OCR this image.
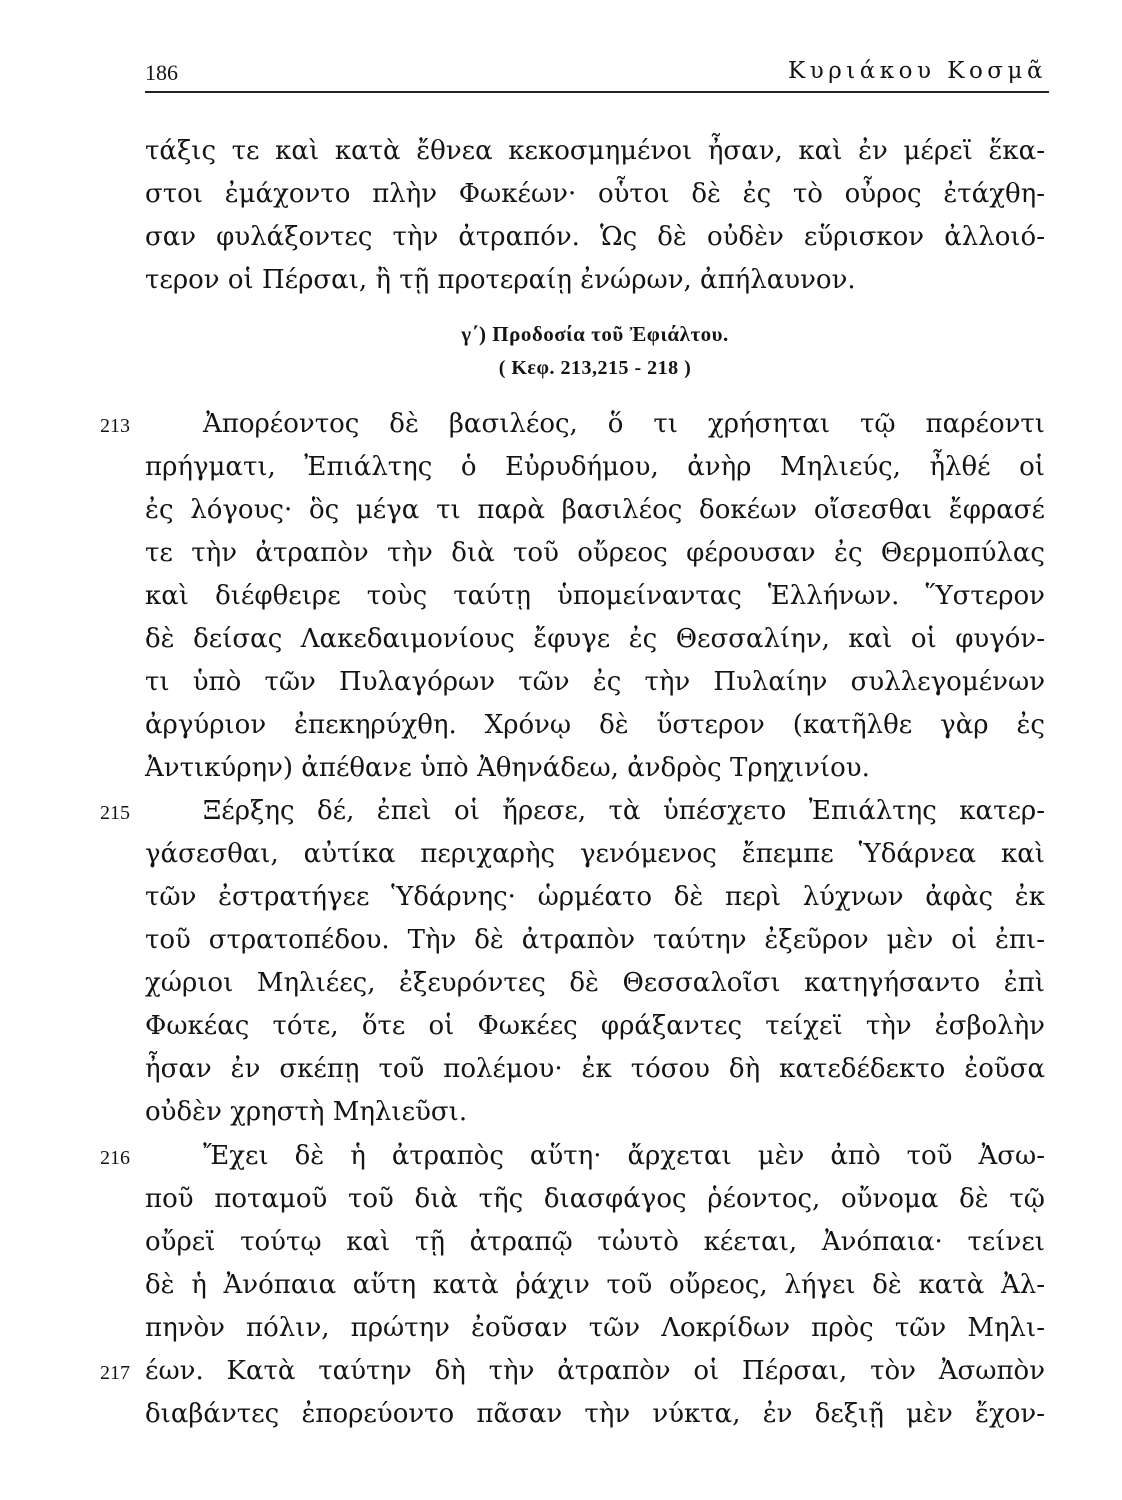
186	Κυριάκου Κοσμᾶ
τάξις τε καὶ κατὰ ἔθνεα κεκοσμημένοι ἦσαν, καὶ ἐν μέρεϊ ἕκα-
στοι ἐμάχοντο πλὴν Φωκέων· οὗτοι δὲ ἐς τὸ οὖρος ἐτάχθη-
σαν φυλάξοντες τὴν ἀτραπόν. Ὡς δὲ οὐδὲν εὕρισκον ἀλλοιό-
τερον οἱ Πέρσαι, ἢ τῇ προτεραίῃ ἐνώρων, ἀπήλαυνον.
γ΄) Προδοσία τοῦ Ἐφιάλτου.
( Κεφ. 213,215 - 218 )
213	Ἀπορέοντος δὲ βασιλέος, ὅ τι χρήσηται τῷ παρέοντι
πρήγματι, Ἐπιάλτης ὁ Εὐρυδήμου, ἀνὴρ Μηλιεύς, ἦλθέ οἱ
ἐς λόγους· ὃς μέγα τι παρὰ βασιλέος δοκέων οἴσεσθαι ἔφρασέ
τε τὴν ἀτραπὸν τὴν διὰ τοῦ οὔρεος φέρουσαν ἐς Θερμοπύλας
καὶ διέφθειρε τοὺς ταύτῃ ὑπομείναντας Ἑλλήνων. Ὕστερον
δὲ δείσας Λακεδαιμονίους ἔφυγε ἐς Θεσσαλίην, καὶ οἱ φυγόν-
τι ὑπὸ τῶν Πυλαγόρων τῶν ἐς τὴν Πυλαίην συλλεγομένων
ἀργύριον ἐπεκηρύχθη. Χρόνῳ δὲ ὕστερον (κατῆλθε γὰρ ἐς
Ἀντικύρην) ἀπέθανε ὑπὸ Ἀθηνάδεω, ἀνδρὸς Τρηχινίου.
215	Ξέρξης δέ, ἐπεὶ οἱ ἤρεσε, τὰ ὑπέσχετο Ἐπιάλτης κατερ-
γάσεσθαι, αὐτίκα περιχαρὴς γενόμενος ἔπεμπε Ὑδάρνεα καὶ
τῶν ἐστρατήγεε Ὑδάρνης· ὡρμέατο δὲ περὶ λύχνων ἀφὰς ἐκ
τοῦ στρατοπέδου. Τὴν δὲ ἀτραπὸν ταύτην ἐξεῦρον μὲν οἱ ἐπι-
χώριοι Μηλιέες, ἐξευρόντες δὲ Θεσσαλοῖσι κατηγήσαντο ἐπὶ
Φωκέας τότε, ὅτε οἱ Φωκέες φράξαντες τείχεϊ τὴν ἐσβολὴν
ἦσαν ἐν σκέπῃ τοῦ πολέμου· ἐκ τόσου δὴ κατεδέδεκτο ἐοῦσα
οὐδὲν χρηστὴ Μηλιεῦσι.
216	Ἔχει δὲ ἡ ἀτραπὸς αὕτη· ἄρχεται μὲν ἀπὸ τοῦ Ἀσω-
ποῦ ποταμοῦ τοῦ διὰ τῆς διασφάγος ῥέοντος, οὔνομα δὲ τῷ
οὔρεϊ τούτῳ καὶ τῇ ἀτραπῷ τὠυτὸ κέεται, Ἀνόπαια· τείνει
δὲ ἡ Ἀνόπαια αὕτη κατὰ ῥάχιν τοῦ οὔρεος, λήγει δὲ κατὰ Ἀλ-
πηνὸν πόλιν, πρώτην ἐοῦσαν τῶν Λοκρίδων πρὸς τῶν Μηλι-
217 έων. Κατὰ ταύτην δὴ τὴν ἀτραπὸν οἱ Πέρσαι, τὸν Ἀσωπὸν
διαβάντες ἐπορεύοντο πᾶσαν τὴν νύκτα, ἐν δεξιῇ μὲν ἔχον-
